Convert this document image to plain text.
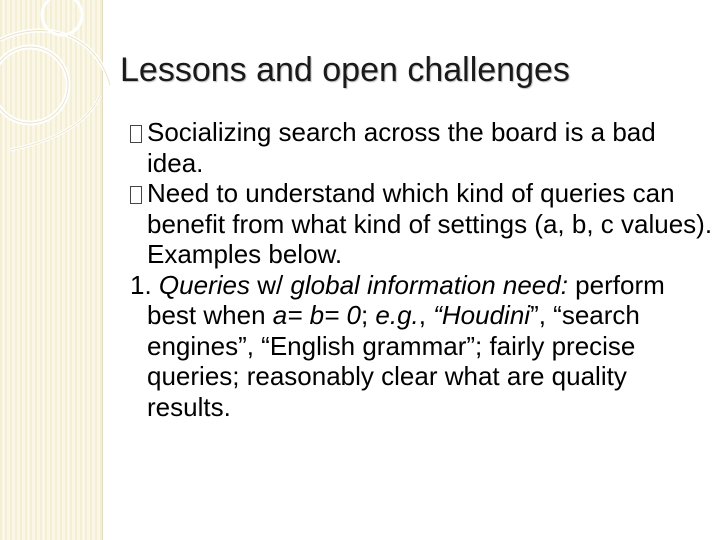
Lessons and open challenges

Socializing search across the board is a bad idea.

Need to understand which kind of queries can benefit from what kind of settings (a, b, c values). Examples below.

1. Queries w/ global information need: perform best when a= b= 0; e.g., “Houdini”, “search engines”, “English grammar”; fairly precise queries; reasonably clear what are quality results.
